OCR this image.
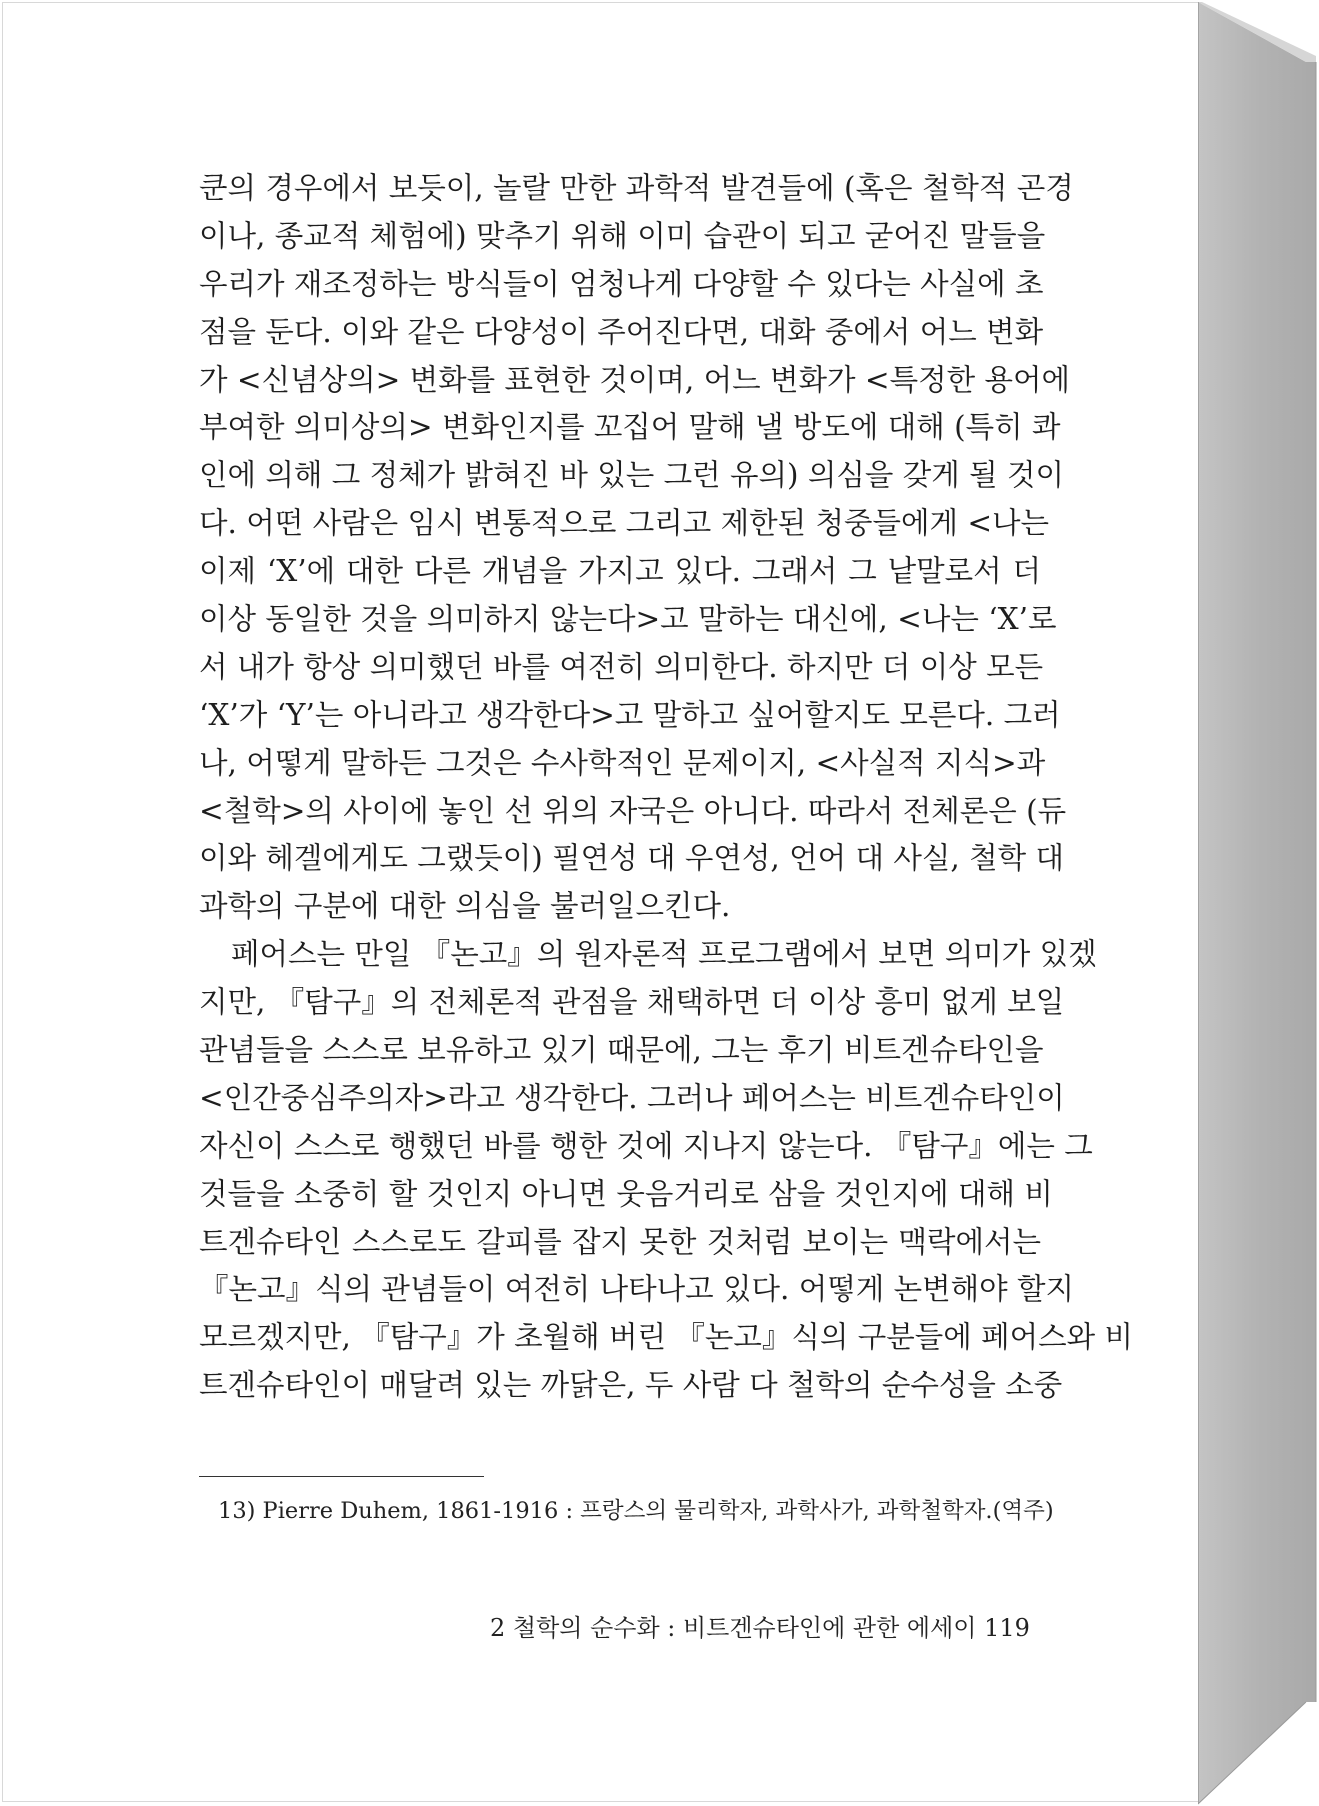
쿤의 경우에서 보듯이, 놀랄 만한 과학적 발견들에 (혹은 철학적 곤경
이나, 종교적 체험에) 맞추기 위해 이미 습관이 되고 굳어진 말들을
우리가 재조정하는 방식들이 엄청나게 다양할 수 있다는 사실에 초
점을 둔다. 이와 같은 다양성이 주어진다면, 대화 중에서 어느 변화
가 <신념상의> 변화를 표현한 것이며, 어느 변화가 <특정한 용어에
부여한 의미상의> 변화인지를 꼬집어 말해 낼 방도에 대해 (특히 콰
인에 의해 그 정체가 밝혀진 바 있는 그런 유의) 의심을 갖게 될 것이
다. 어떤 사람은 임시 변통적으로 그리고 제한된 청중들에게 <나는
이제 ‘X’에 대한 다른 개념을 가지고 있다. 그래서 그 낱말로서 더
이상 동일한 것을 의미하지 않는다>고 말하는 대신에, <나는 ‘X’로
서 내가 항상 의미했던 바를 여전히 의미한다. 하지만 더 이상 모든
‘X’가 ‘Y’는 아니라고 생각한다>고 말하고 싶어할지도 모른다. 그러
나, 어떻게 말하든 그것은 수사학적인 문제이지, <사실적 지식>과
<철학>의 사이에 놓인 선 위의 자국은 아니다. 따라서 전체론은 (듀
이와 헤겔에게도 그랬듯이) 필연성 대 우연성, 언어 대 사실, 철학 대
과학의 구분에 대한 의심을 불러일으킨다.
페어스는 만일 『논고』의 원자론적 프로그램에서 보면 의미가 있겠
지만, 『탐구』의 전체론적 관점을 채택하면 더 이상 흥미 없게 보일
관념들을 스스로 보유하고 있기 때문에, 그는 후기 비트겐슈타인을
<인간중심주의자>라고 생각한다. 그러나 페어스는 비트겐슈타인이
자신이 스스로 행했던 바를 행한 것에 지나지 않는다. 『탐구』에는 그
것들을 소중히 할 것인지 아니면 웃음거리로 삼을 것인지에 대해 비
트겐슈타인 스스로도 갈피를 잡지 못한 것처럼 보이는 맥락에서는
『논고』식의 관념들이 여전히 나타나고 있다. 어떻게 논변해야 할지
모르겠지만, 『탐구』가 초월해 버린 『논고』식의 구분들에 페어스와 비
트겐슈타인이 매달려 있는 까닭은, 두 사람 다 철학의 순수성을 소중
13) Pierre Duhem, 1861-1916 : 프랑스의 물리학자, 과학사가, 과학철학자.(역주)
2 철학의 순수화 : 비트겐슈타인에 관한 에세이 119
